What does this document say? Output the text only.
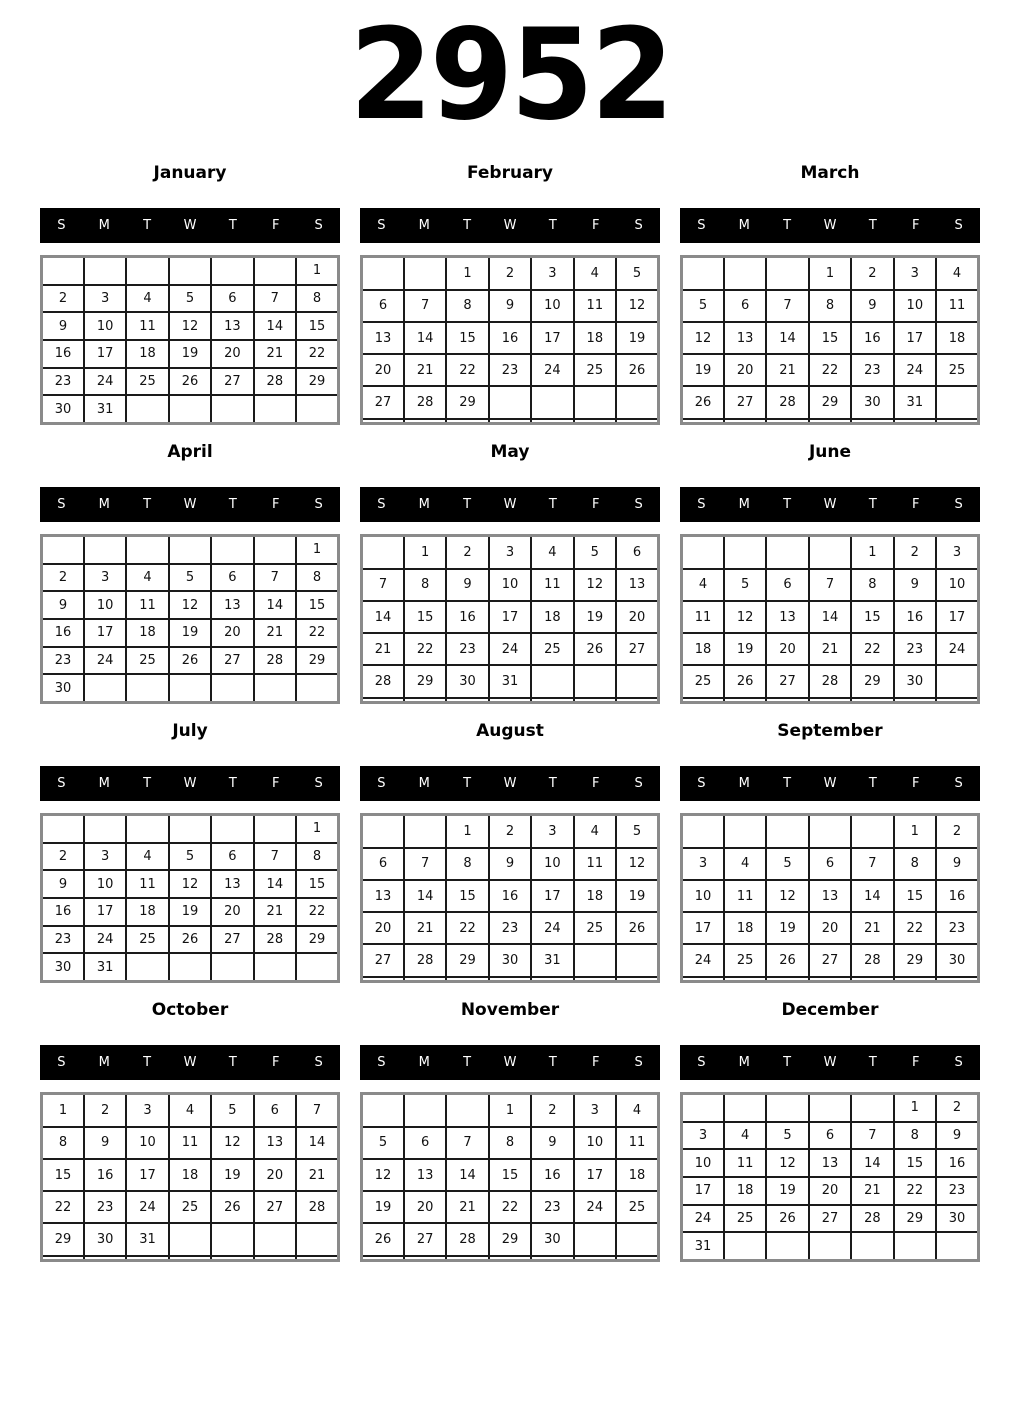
2952
January
S	M	T	W	T	F	S
						1
2	3	4	5	6	7	8
9	10	11	12	13	14	15
16	17	18	19	20	21	22
23	24	25	26	27	28	29
30	31					
February
S	M	T	W	T	F	S
		1	2	3	4	5
6	7	8	9	10	11	12
13	14	15	16	17	18	19
20	21	22	23	24	25	26
27	28	29				

March
S	M	T	W	T	F	S
			1	2	3	4
5	6	7	8	9	10	11
12	13	14	15	16	17	18
19	20	21	22	23	24	25
26	27	28	29	30	31	

April
S	M	T	W	T	F	S
						1
2	3	4	5	6	7	8
9	10	11	12	13	14	15
16	17	18	19	20	21	22
23	24	25	26	27	28	29
30						
May
S	M	T	W	T	F	S
	1	2	3	4	5	6
7	8	9	10	11	12	13
14	15	16	17	18	19	20
21	22	23	24	25	26	27
28	29	30	31			

June
S	M	T	W	T	F	S
				1	2	3
4	5	6	7	8	9	10
11	12	13	14	15	16	17
18	19	20	21	22	23	24
25	26	27	28	29	30	

July
S	M	T	W	T	F	S
						1
2	3	4	5	6	7	8
9	10	11	12	13	14	15
16	17	18	19	20	21	22
23	24	25	26	27	28	29
30	31					
August
S	M	T	W	T	F	S
		1	2	3	4	5
6	7	8	9	10	11	12
13	14	15	16	17	18	19
20	21	22	23	24	25	26
27	28	29	30	31		

September
S	M	T	W	T	F	S
					1	2
3	4	5	6	7	8	9
10	11	12	13	14	15	16
17	18	19	20	21	22	23
24	25	26	27	28	29	30

October
S	M	T	W	T	F	S
1	2	3	4	5	6	7
8	9	10	11	12	13	14
15	16	17	18	19	20	21
22	23	24	25	26	27	28
29	30	31				

November
S	M	T	W	T	F	S
			1	2	3	4
5	6	7	8	9	10	11
12	13	14	15	16	17	18
19	20	21	22	23	24	25
26	27	28	29	30		

December
S	M	T	W	T	F	S
					1	2
3	4	5	6	7	8	9
10	11	12	13	14	15	16
17	18	19	20	21	22	23
24	25	26	27	28	29	30
31						
